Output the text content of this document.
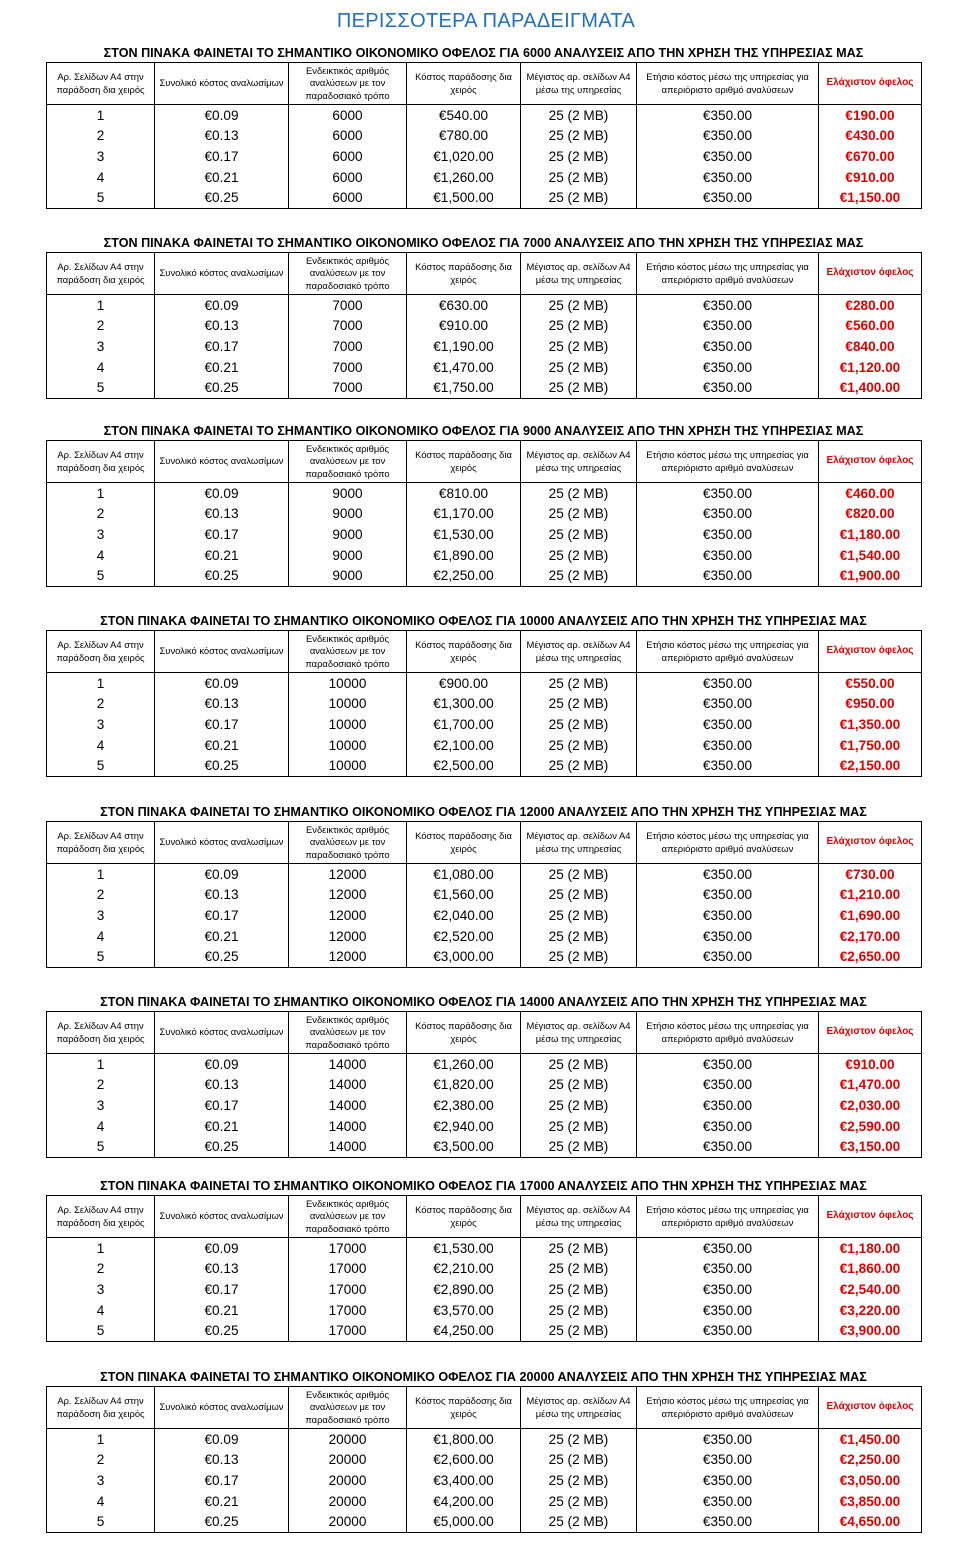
ΠΕΡΙΣΣΟΤΕΡΑ ΠΑΡΑΔΕΙΓΜΑΤΑ
ΣΤΟΝ ΠΙΝΑΚΑ ΦΑΙΝΕΤΑΙ ΤΟ ΣΗΜΑΝΤΙΚΟ ΟΙΚΟΝΟΜΙΚΟ ΟΦΕΛΟΣ ΓΙΑ 6000 ΑΝΑΛΥΣΕΙΣ ΑΠΟ ΤΗΝ ΧΡΗΣΗ ΤΗΣ ΥΠΗΡΕΣΙΑΣ ΜΑΣ
Αρ. Σελίδων Α4 στην παράδοση δια χειρός	Συνολικό κόστος αναλωσίμων	Ενδεικτικός αριθμός αναλύσεων με τον παραδοσιακό τρόπο	Κόστος παράδοσης δια χειρός	Μέγιστος αρ. σελίδων Α4 μέσω της υπηρεσίας	Ετήσιο κόστος μέσω της υπηρεσίας για απεριόριστο αριθμό αναλύσεων	Ελάχιστον όφελος
1	€0.09	6000	€540.00	25 (2 MB)	€350.00	€190.00
2	€0.13	6000	€780.00	25 (2 MB)	€350.00	€430.00
3	€0.17	6000	€1,020.00	25 (2 MB)	€350.00	€670.00
4	€0.21	6000	€1,260.00	25 (2 MB)	€350.00	€910.00
5	€0.25	6000	€1,500.00	25 (2 MB)	€350.00	€1,150.00
ΣΤΟΝ ΠΙΝΑΚΑ ΦΑΙΝΕΤΑΙ ΤΟ ΣΗΜΑΝΤΙΚΟ ΟΙΚΟΝΟΜΙΚΟ ΟΦΕΛΟΣ ΓΙΑ 7000 ΑΝΑΛΥΣΕΙΣ ΑΠΟ ΤΗΝ ΧΡΗΣΗ ΤΗΣ ΥΠΗΡΕΣΙΑΣ ΜΑΣ
Αρ. Σελίδων Α4 στην παράδοση δια χειρός	Συνολικό κόστος αναλωσίμων	Ενδεικτικός αριθμός αναλύσεων με τον παραδοσιακό τρόπο	Κόστος παράδοσης δια χειρός	Μέγιστος αρ. σελίδων Α4 μέσω της υπηρεσίας	Ετήσιο κόστος μέσω της υπηρεσίας για απεριόριστο αριθμό αναλύσεων	Ελάχιστον όφελος
1	€0.09	7000	€630.00	25 (2 MB)	€350.00	€280.00
2	€0.13	7000	€910.00	25 (2 MB)	€350.00	€560.00
3	€0.17	7000	€1,190.00	25 (2 MB)	€350.00	€840.00
4	€0.21	7000	€1,470.00	25 (2 MB)	€350.00	€1,120.00
5	€0.25	7000	€1,750.00	25 (2 MB)	€350.00	€1,400.00
ΣΤΟΝ ΠΙΝΑΚΑ ΦΑΙΝΕΤΑΙ ΤΟ ΣΗΜΑΝΤΙΚΟ ΟΙΚΟΝΟΜΙΚΟ ΟΦΕΛΟΣ ΓΙΑ 9000 ΑΝΑΛΥΣΕΙΣ ΑΠΟ ΤΗΝ ΧΡΗΣΗ ΤΗΣ ΥΠΗΡΕΣΙΑΣ ΜΑΣ
Αρ. Σελίδων Α4 στην παράδοση δια χειρός	Συνολικό κόστος αναλωσίμων	Ενδεικτικός αριθμός αναλύσεων με τον παραδοσιακό τρόπο	Κόστος παράδοσης δια χειρός	Μέγιστος αρ. σελίδων Α4 μέσω της υπηρεσίας	Ετήσιο κόστος μέσω της υπηρεσίας για απεριόριστο αριθμό αναλύσεων	Ελάχιστον όφελος
1	€0.09	9000	€810.00	25 (2 MB)	€350.00	€460.00
2	€0.13	9000	€1,170.00	25 (2 MB)	€350.00	€820.00
3	€0.17	9000	€1,530.00	25 (2 MB)	€350.00	€1,180.00
4	€0.21	9000	€1,890.00	25 (2 MB)	€350.00	€1,540.00
5	€0.25	9000	€2,250.00	25 (2 MB)	€350.00	€1,900.00
ΣΤΟΝ ΠΙΝΑΚΑ ΦΑΙΝΕΤΑΙ ΤΟ ΣΗΜΑΝΤΙΚΟ ΟΙΚΟΝΟΜΙΚΟ ΟΦΕΛΟΣ ΓΙΑ 10000 ΑΝΑΛΥΣΕΙΣ ΑΠΟ ΤΗΝ ΧΡΗΣΗ ΤΗΣ ΥΠΗΡΕΣΙΑΣ ΜΑΣ
Αρ. Σελίδων Α4 στην παράδοση δια χειρός	Συνολικό κόστος αναλωσίμων	Ενδεικτικός αριθμός αναλύσεων με τον παραδοσιακό τρόπο	Κόστος παράδοσης δια χειρός	Μέγιστος αρ. σελίδων Α4 μέσω της υπηρεσίας	Ετήσιο κόστος μέσω της υπηρεσίας για απεριόριστο αριθμό αναλύσεων	Ελάχιστον όφελος
1	€0.09	10000	€900.00	25 (2 MB)	€350.00	€550.00
2	€0.13	10000	€1,300.00	25 (2 MB)	€350.00	€950.00
3	€0.17	10000	€1,700.00	25 (2 MB)	€350.00	€1,350.00
4	€0.21	10000	€2,100.00	25 (2 MB)	€350.00	€1,750.00
5	€0.25	10000	€2,500.00	25 (2 MB)	€350.00	€2,150.00
ΣΤΟΝ ΠΙΝΑΚΑ ΦΑΙΝΕΤΑΙ ΤΟ ΣΗΜΑΝΤΙΚΟ ΟΙΚΟΝΟΜΙΚΟ ΟΦΕΛΟΣ ΓΙΑ 12000 ΑΝΑΛΥΣΕΙΣ ΑΠΟ ΤΗΝ ΧΡΗΣΗ ΤΗΣ ΥΠΗΡΕΣΙΑΣ ΜΑΣ
Αρ. Σελίδων Α4 στην παράδοση δια χειρός	Συνολικό κόστος αναλωσίμων	Ενδεικτικός αριθμός αναλύσεων με τον παραδοσιακό τρόπο	Κόστος παράδοσης δια χειρός	Μέγιστος αρ. σελίδων Α4 μέσω της υπηρεσίας	Ετήσιο κόστος μέσω της υπηρεσίας για απεριόριστο αριθμό αναλύσεων	Ελάχιστον όφελος
1	€0.09	12000	€1,080.00	25 (2 MB)	€350.00	€730.00
2	€0.13	12000	€1,560.00	25 (2 MB)	€350.00	€1,210.00
3	€0.17	12000	€2,040.00	25 (2 MB)	€350.00	€1,690.00
4	€0.21	12000	€2,520.00	25 (2 MB)	€350.00	€2,170.00
5	€0.25	12000	€3,000.00	25 (2 MB)	€350.00	€2,650.00
ΣΤΟΝ ΠΙΝΑΚΑ ΦΑΙΝΕΤΑΙ ΤΟ ΣΗΜΑΝΤΙΚΟ ΟΙΚΟΝΟΜΙΚΟ ΟΦΕΛΟΣ ΓΙΑ 14000 ΑΝΑΛΥΣΕΙΣ ΑΠΟ ΤΗΝ ΧΡΗΣΗ ΤΗΣ ΥΠΗΡΕΣΙΑΣ ΜΑΣ
Αρ. Σελίδων Α4 στην παράδοση δια χειρός	Συνολικό κόστος αναλωσίμων	Ενδεικτικός αριθμός αναλύσεων με τον παραδοσιακό τρόπο	Κόστος παράδοσης δια χειρός	Μέγιστος αρ. σελίδων Α4 μέσω της υπηρεσίας	Ετήσιο κόστος μέσω της υπηρεσίας για απεριόριστο αριθμό αναλύσεων	Ελάχιστον όφελος
1	€0.09	14000	€1,260.00	25 (2 MB)	€350.00	€910.00
2	€0.13	14000	€1,820.00	25 (2 MB)	€350.00	€1,470.00
3	€0.17	14000	€2,380.00	25 (2 MB)	€350.00	€2,030.00
4	€0.21	14000	€2,940.00	25 (2 MB)	€350.00	€2,590.00
5	€0.25	14000	€3,500.00	25 (2 MB)	€350.00	€3,150.00
ΣΤΟΝ ΠΙΝΑΚΑ ΦΑΙΝΕΤΑΙ ΤΟ ΣΗΜΑΝΤΙΚΟ ΟΙΚΟΝΟΜΙΚΟ ΟΦΕΛΟΣ ΓΙΑ 17000 ΑΝΑΛΥΣΕΙΣ ΑΠΟ ΤΗΝ ΧΡΗΣΗ ΤΗΣ ΥΠΗΡΕΣΙΑΣ ΜΑΣ
Αρ. Σελίδων Α4 στην παράδοση δια χειρός	Συνολικό κόστος αναλωσίμων	Ενδεικτικός αριθμός αναλύσεων με τον παραδοσιακό τρόπο	Κόστος παράδοσης δια χειρός	Μέγιστος αρ. σελίδων Α4 μέσω της υπηρεσίας	Ετήσιο κόστος μέσω της υπηρεσίας για απεριόριστο αριθμό αναλύσεων	Ελάχιστον όφελος
1	€0.09	17000	€1,530.00	25 (2 MB)	€350.00	€1,180.00
2	€0.13	17000	€2,210.00	25 (2 MB)	€350.00	€1,860.00
3	€0.17	17000	€2,890.00	25 (2 MB)	€350.00	€2,540.00
4	€0.21	17000	€3,570.00	25 (2 MB)	€350.00	€3,220.00
5	€0.25	17000	€4,250.00	25 (2 MB)	€350.00	€3,900.00
ΣΤΟΝ ΠΙΝΑΚΑ ΦΑΙΝΕΤΑΙ ΤΟ ΣΗΜΑΝΤΙΚΟ ΟΙΚΟΝΟΜΙΚΟ ΟΦΕΛΟΣ ΓΙΑ 20000 ΑΝΑΛΥΣΕΙΣ ΑΠΟ ΤΗΝ ΧΡΗΣΗ ΤΗΣ ΥΠΗΡΕΣΙΑΣ ΜΑΣ
Αρ. Σελίδων Α4 στην παράδοση δια χειρός	Συνολικό κόστος αναλωσίμων	Ενδεικτικός αριθμός αναλύσεων με τον παραδοσιακό τρόπο	Κόστος παράδοσης δια χειρός	Μέγιστος αρ. σελίδων Α4 μέσω της υπηρεσίας	Ετήσιο κόστος μέσω της υπηρεσίας για απεριόριστο αριθμό αναλύσεων	Ελάχιστον όφελος
1	€0.09	20000	€1,800.00	25 (2 MB)	€350.00	€1,450.00
2	€0.13	20000	€2,600.00	25 (2 MB)	€350.00	€2,250.00
3	€0.17	20000	€3,400.00	25 (2 MB)	€350.00	€3,050.00
4	€0.21	20000	€4,200.00	25 (2 MB)	€350.00	€3,850.00
5	€0.25	20000	€5,000.00	25 (2 MB)	€350.00	€4,650.00
